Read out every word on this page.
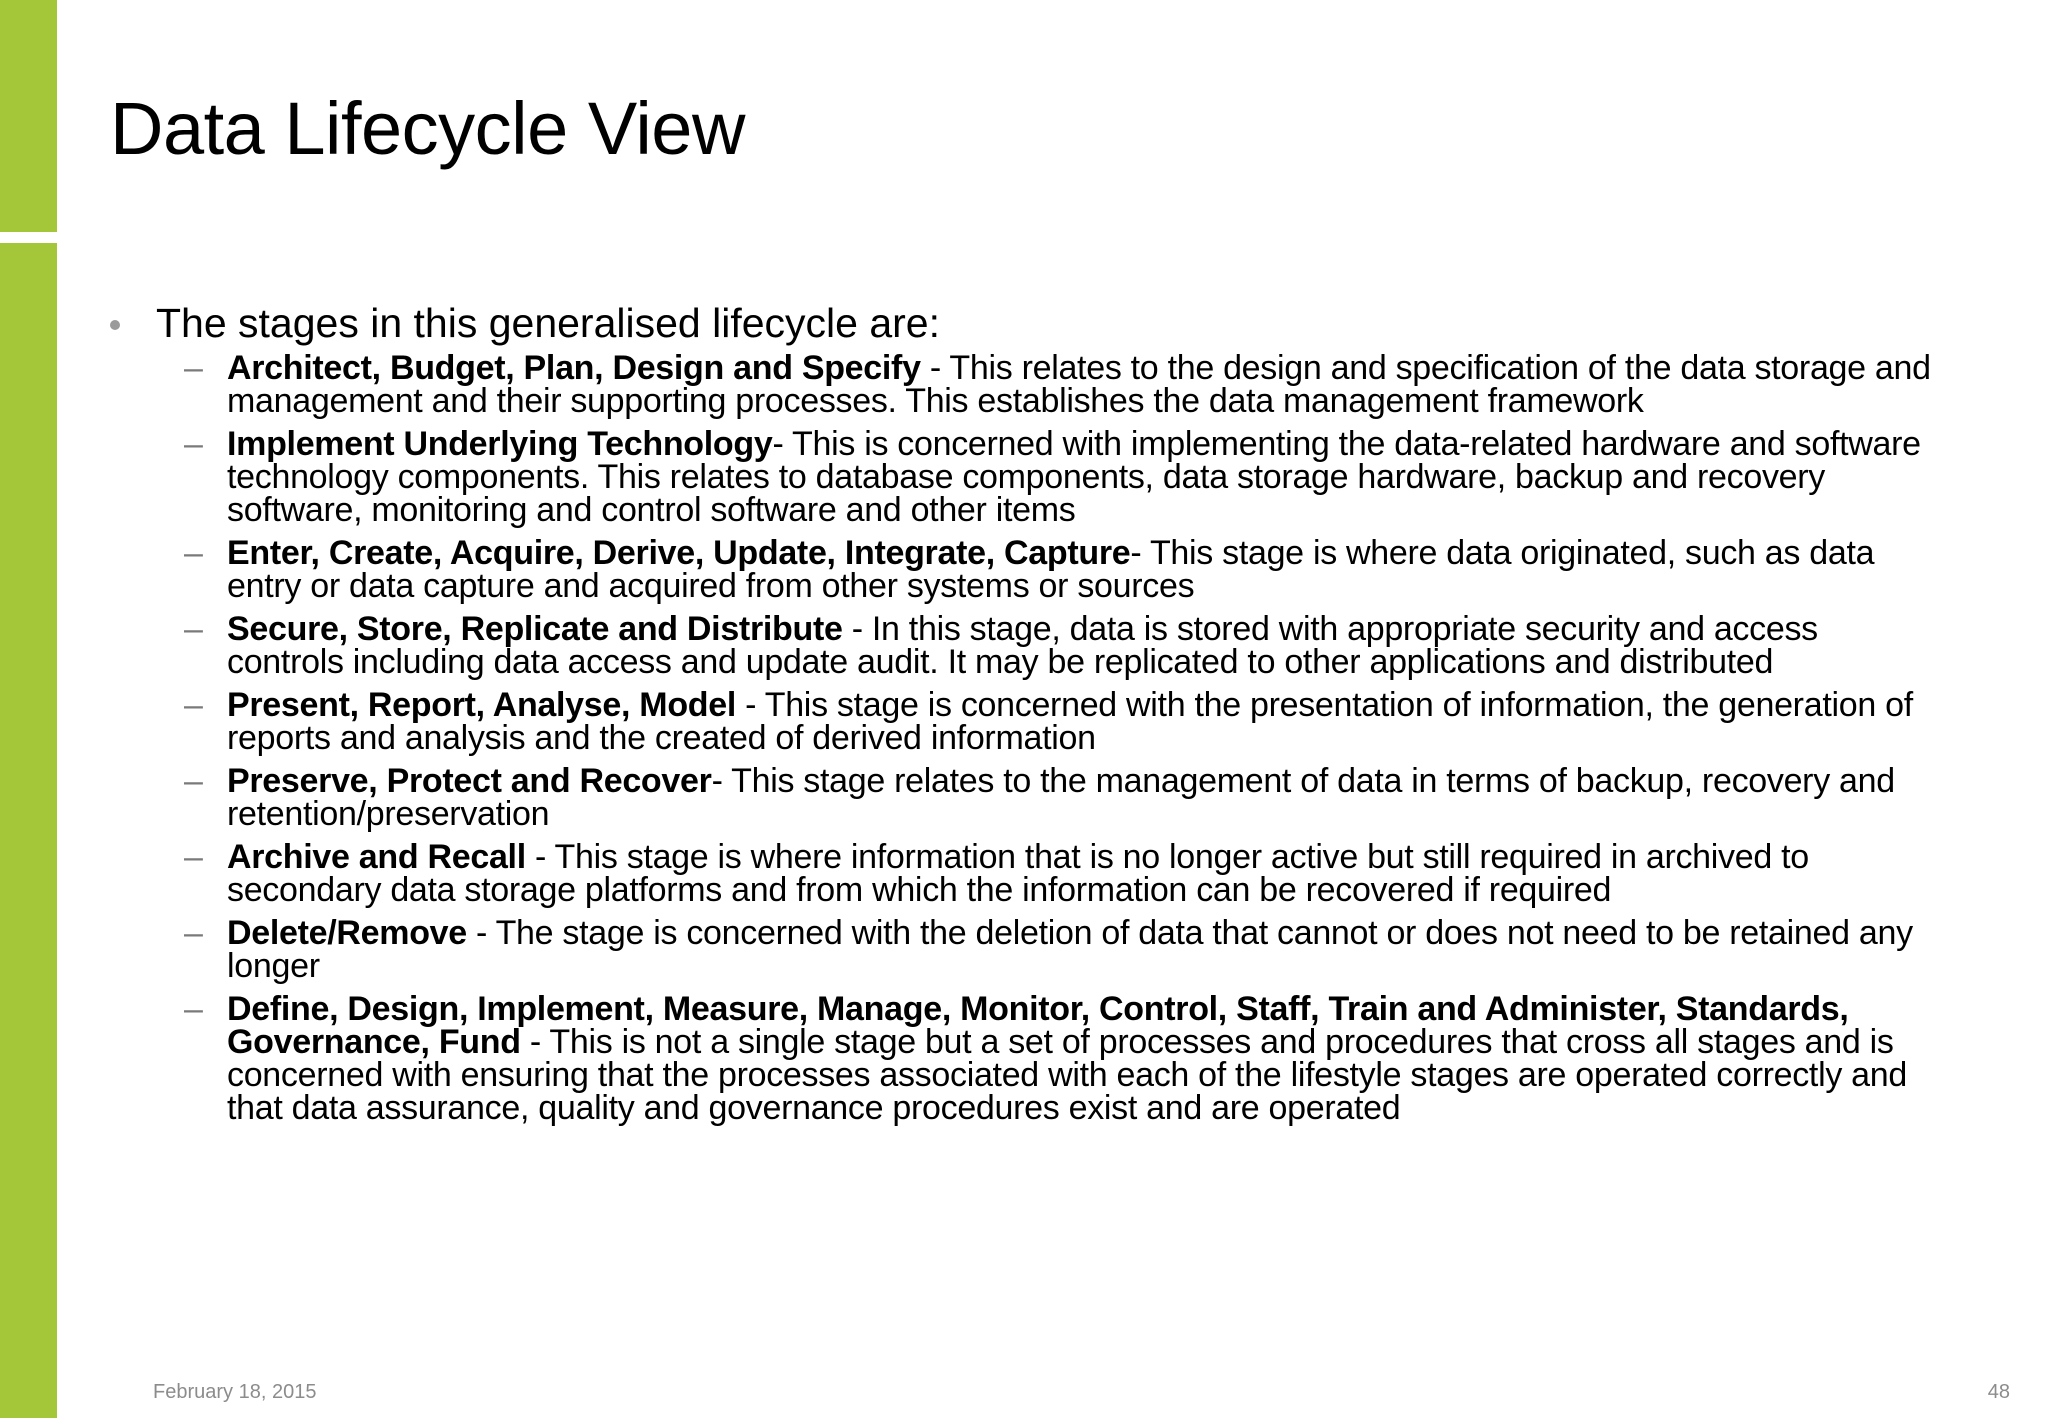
Data Lifecycle View
The stages in this generalised lifecycle are:
– Architect, Budget, Plan, Design and Specify - This relates to the design and specification of the data storage and management and their supporting processes. This establishes the data management framework
– Implement Underlying Technology- This is concerned with implementing the data-related hardware and software technology components. This relates to database components, data storage hardware, backup and recovery software, monitoring and control software and other items
– Enter, Create, Acquire, Derive, Update, Integrate, Capture- This stage is where data originated, such as data entry or data capture and acquired from other systems or sources
– Secure, Store, Replicate and Distribute - In this stage, data is stored with appropriate security and access controls including data access and update audit. It may be replicated to other applications and distributed
– Present, Report, Analyse, Model - This stage is concerned with the presentation of information, the generation of reports and analysis and the created of derived information
– Preserve, Protect and Recover- This stage relates to the management of data in terms of backup, recovery and retention/preservation
– Archive and Recall - This stage is where information that is no longer active but still required in archived to secondary data storage platforms and from which the information can be recovered if required
– Delete/Remove - The stage is concerned with the deletion of data that cannot or does not need to be retained any longer
– Define, Design, Implement, Measure, Manage, Monitor, Control, Staff, Train and Administer, Standards, Governance, Fund - This is not a single stage but a set of processes and procedures that cross all stages and is concerned with ensuring that the processes associated with each of the lifestyle stages are operated correctly and that data assurance, quality and governance procedures exist and are operated
February 18, 2015	48
